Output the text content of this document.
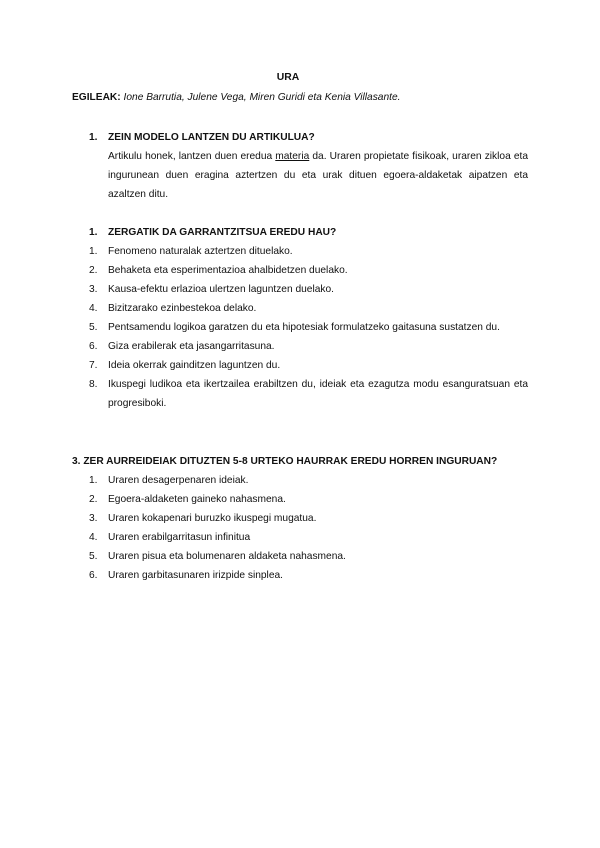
URA
EGILEAK: Ione Barrutia, Julene Vega, Miren Guridi eta Kenia Villasante.
1. ZEIN MODELO LANTZEN DU ARTIKULUA?
Artikulu honek, lantzen duen eredua materia da. Uraren propietate fisikoak, uraren zikloa eta ingurunean duen eragina aztertzen du eta urak dituen egoera-aldaketak aipatzen eta azaltzen ditu.
1. ZERGATIK DA GARRANTZITSUA EREDU HAU?
1. Fenomeno naturalak aztertzen dituelako.
2. Behaketa eta esperimentazioa ahalbidetzen duelako.
3. Kausa-efektu erlazioa ulertzen laguntzen duelako.
4. Bizitzarako ezinbestekoa delako.
5. Pentsamendu logikoa garatzen du eta hipotesiak formulatzeko gaitasuna sustatzen du.
6. Giza erabilerak eta jasangarritasuna.
7. Ideia okerrak gainditzen laguntzen du.
8. Ikuspegi ludikoa eta ikertzailea erabiltzen du, ideiak eta ezagutza modu esanguratsuan eta progresiboki.
3. ZER AURREIDEIAK DITUZTEN 5-8 URTEKO HAURRAK EREDU HORREN INGURUAN?
1. Uraren desagerpenaren ideiak.
2. Egoera-aldaketen gaineko nahasmena.
3. Uraren kokapenari buruzko ikuspegi mugatua.
4. Uraren erabilgarritasun infinitua
5. Uraren pisua eta bolumenaren aldaketa nahasmena.
6. Uraren garbitasunaren irizpide sinplea.
